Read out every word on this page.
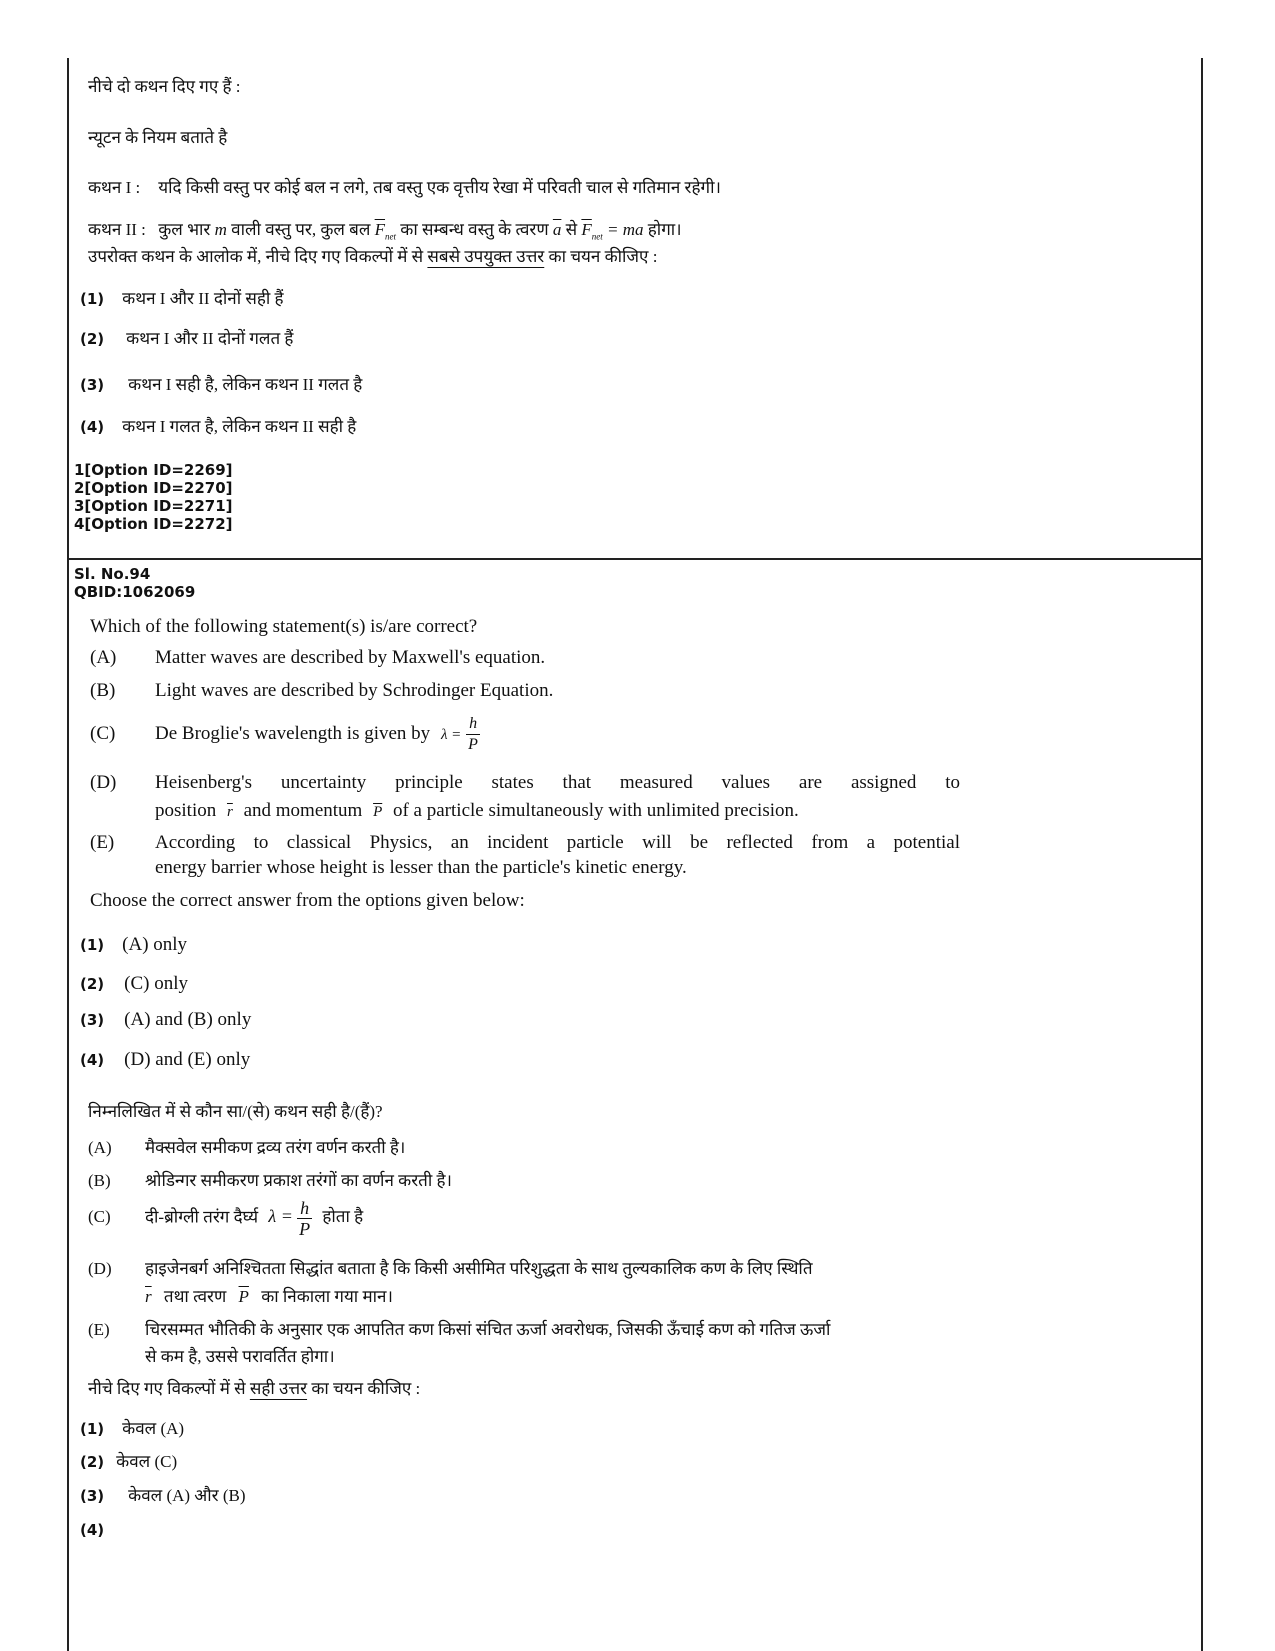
नीचे दो कथन दिए गए हैं :
न्यूटन के नियम बताते है
कथन I : यदि किसी वस्तु पर कोई बल न लगे, तब वस्तु एक वृत्तीय रेखा में परिवती चाल से गतिमान रहेगी।
कथन II : कुल भार m वाली वस्तु पर, कुल बल $\overline{F}_{net}$ का सम्बन्ध वस्तु के त्वरण $\overline{a}$ से $\overline{F}_{net}$ = ma होगा।
उपरोक्त कथन के आलोक में, नीचे दिए गए विकल्पों में से सबसे उपयुक्त उत्तर का चयन कीजिए :
(1) कथन I और II दोनों सही हैं
(2) कथन I और II दोनों गलत हैं
(3) कथन I सही है, लेकिन कथन II गलत है
(4) कथन I गलत है, लेकिन कथन II सही है
1[Option ID=2269]
2[Option ID=2270]
3[Option ID=2271]
4[Option ID=2272]
Sl. No.94
QBID:1062069
Which of the following statement(s) is/are correct?
(A) Matter waves are described by Maxwell's equation.
(B) Light waves are described by Schrodinger Equation.
(C) De Broglie's wavelength is given by $\lambda = \frac{h}{P}$
(D)	Heisenberg's uncertainty principle states that measured values are assigned to
position $\overline{r}$ and momentum $\overline{P}$ of a particle simultaneously with unlimited precision.
(E)	According to classical Physics, an incident particle will be reflected from a potential
energy barrier whose height is lesser than the particle's kinetic energy.
Choose the correct answer from the options given below:
(1) (A) only
(2) (C) only
(3) (A) and (B) only
(4) (D) and (E) only
निम्नलिखित में से कौन सा/(से) कथन सही है/(हैं)?
(A) मैक्सवेल समीकण द्रव्य तरंग वर्णन करती है।
(B) श्रोडिन्गर समीकरण प्रकाश तरंगों का वर्णन करती है।
(C) दी-ब्रोग्ली तरंग दैर्घ्य $\lambda = \frac{h}{P}$ होता है
(D) हाइजेनबर्ग अनिश्चितता सिद्धांत बताता है कि किसी असीमित परिशुद्धता के साथ तुल्यकालिक कण के लिए स्थिति
$\overline{r}$ तथा त्वरण $\overline{P}$ का निकाला गया मान।
(E) चिरसम्मत भौतिकी के अनुसार एक आपतित कण किसां संचित ऊर्जा अवरोधक, जिसकी ऊँचाई कण को गतिज ऊर्जा
से कम है, उससे परावर्तित होगा।
नीचे दिए गए विकल्पों में से सही उत्तर का चयन कीजिए :
(1) केवल (A)
(2) केवल (C)
(3) केवल (A) और (B)
(4)
